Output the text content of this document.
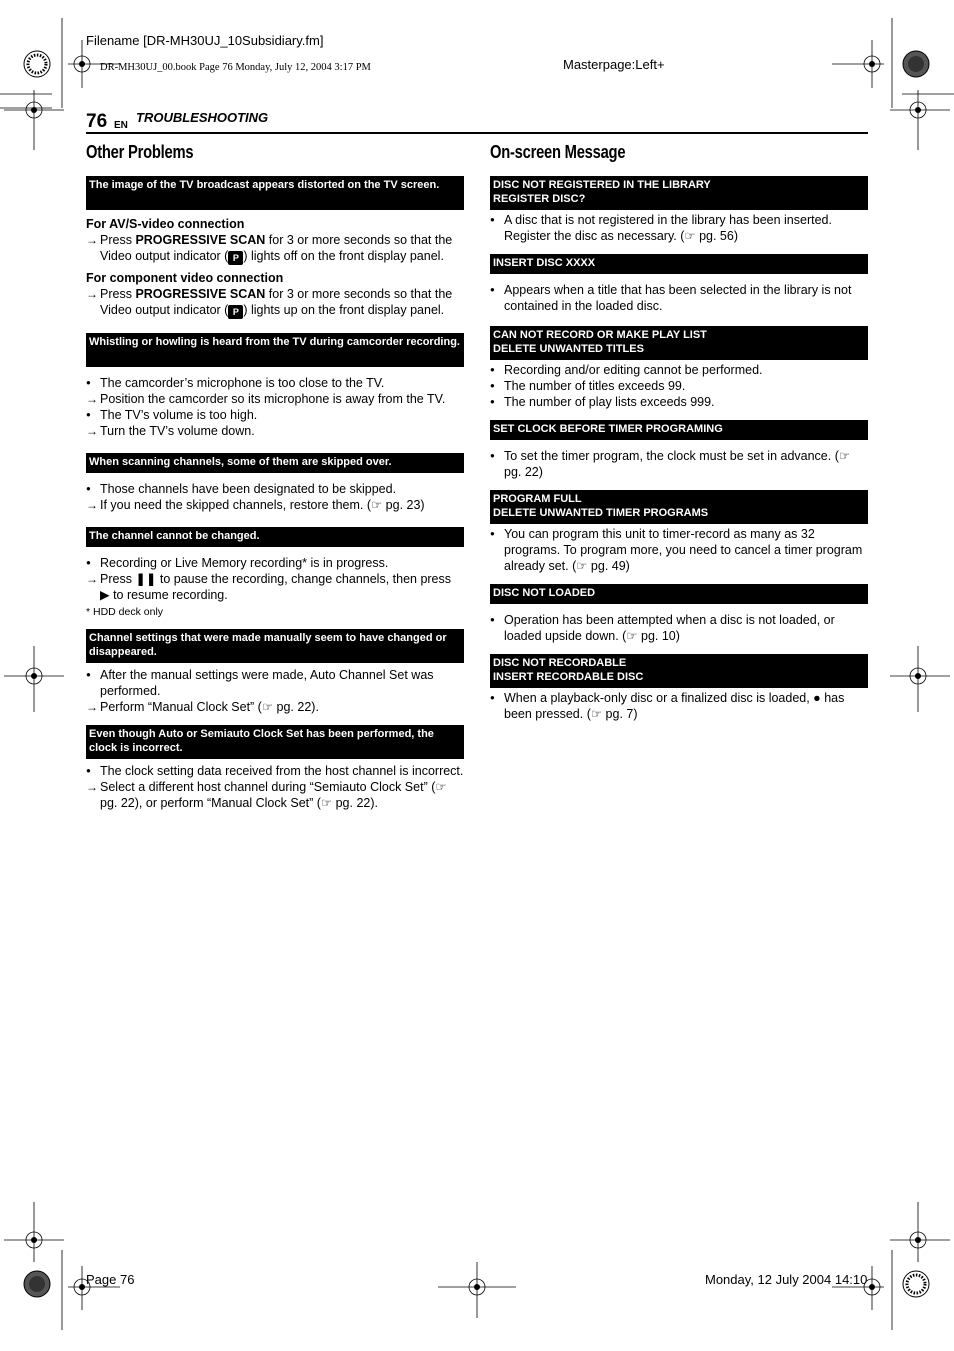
Filename [DR-MH30UJ_10Subsidiary.fm]
DR-MH30UJ_00.book Page 76 Monday, July 12, 2004 3:17 PM	Masterpage:Left+
76 EN
TROUBLESHOOTING
Other Problems
The image of the TV broadcast appears distorted on the TV screen.
For AV/S-video connection
→
Press PROGRESSIVE SCAN for 3 or more seconds so that the Video output indicator ( P ) lights off on the front display panel.
For component video connection
→
Press PROGRESSIVE SCAN for 3 or more seconds so that the Video output indicator ( P ) lights up on the front display panel.
Whistling or howling is heard from the TV during camcorder recording.
●
The camcorder’s microphone is too close to the TV.
→
Position the camcorder so its microphone is away from the TV.
●
The TV’s volume is too high.
→
Turn the TV’s volume down.
When scanning channels, some of them are skipped over.
●
Those channels have been designated to be skipped.
→
If you need the skipped channels, restore them. (☞ pg. 23)
The channel cannot be changed.
●
Recording or Live Memory recording* is in progress.
→
Press ❚❚ to pause the recording, change channels, then press ▶ to resume recording.
* HDD deck only
Channel settings that were made manually seem to have changed or disappeared.
●
After the manual settings were made, Auto Channel Set was performed.
→
Perform “Manual Clock Set” (☞ pg. 22).
Even though Auto or Semiauto Clock Set has been performed, the clock is incorrect.
●
The clock setting data received from the host channel is incorrect.
→
Select a different host channel during “Semiauto Clock Set” (☞ pg. 22), or perform “Manual Clock Set” (☞ pg. 22).
On-screen Message
DISC NOT REGISTERED IN THE LIBRARY
REGISTER DISC?
●
A disc that is not registered in the library has been inserted. Register the disc as necessary. (☞ pg. 56)
INSERT DISC XXXX
●
Appears when a title that has been selected in the library is not contained in the loaded disc.
CAN NOT RECORD OR MAKE PLAY LIST
DELETE UNWANTED TITLES
●
Recording and/or editing cannot be performed.
●
The number of titles exceeds 99.
●
The number of play lists exceeds 999.
SET CLOCK BEFORE TIMER PROGRAMING
●
To set the timer program, the clock must be set in advance. (☞ pg. 22)
PROGRAM FULL
DELETE UNWANTED TIMER PROGRAMS
●
You can program this unit to timer-record as many as 32 programs. To program more, you need to cancel a timer program already set. (☞ pg. 49)
DISC NOT LOADED
●
Operation has been attempted when a disc is not loaded, or loaded upside down. (☞ pg. 10)
DISC NOT RECORDABLE
INSERT RECORDABLE DISC
●
When a playback-only disc or a finalized disc is loaded, ● has been pressed. (☞ pg. 7)
Page 76	Monday, 12 July 2004 14:10
